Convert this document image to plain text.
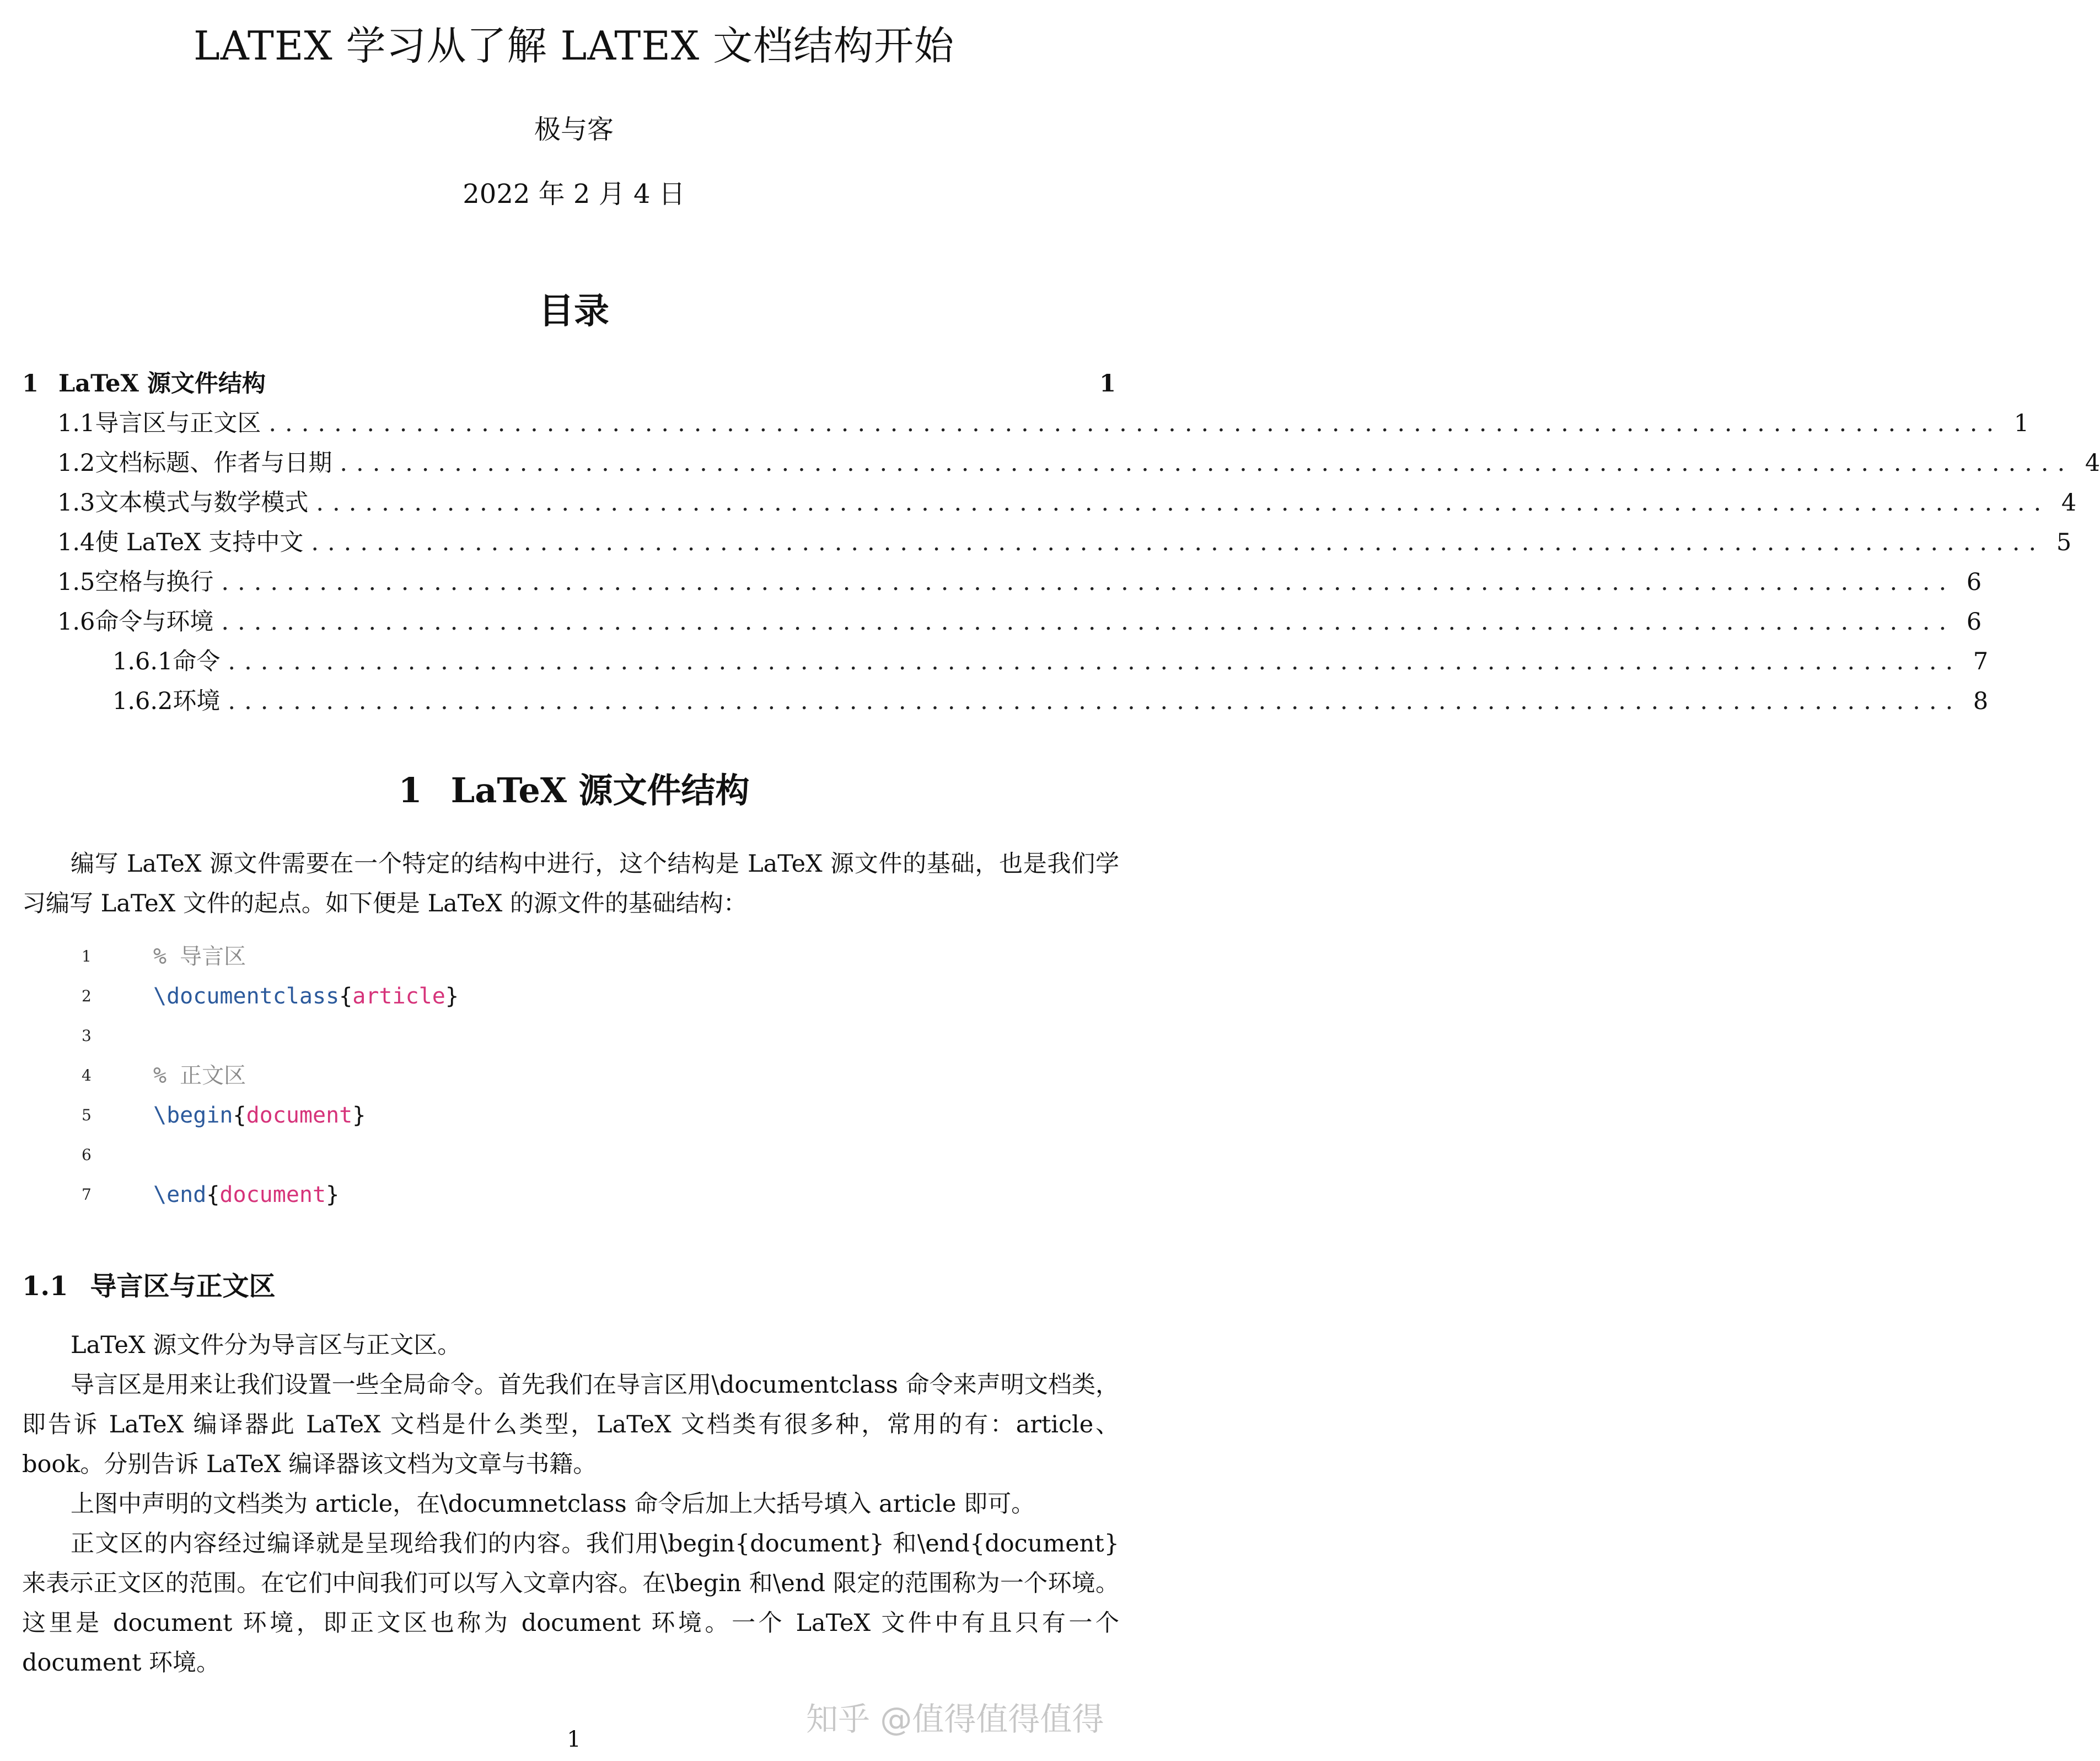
LATEX 学习从了解 LATEX 文档结构开始
极与客
2022 年 2 月 4 日
目录
1 LaTeX 源文件结构	1
1.1 导言区与正文区 .......................................................................................................... 1
1.2 文档标题、作者与日期 .......................................................................................................... 4
1.3 文本模式与数学模式 .......................................................................................................... 4
1.4 使 LaTeX 支持中文 .......................................................................................................... 5
1.5 空格与换行 .......................................................................................................... 6
1.6 命令与环境 .......................................................................................................... 6
1.6.1 命令 .......................................................................................................... 7
1.6.2 环境 .......................................................................................................... 8
1 LaTeX 源文件结构

编写 LaTeX 源文件需要在一个特定的结构中进行，这个结构是 LaTeX 源文件的基础，也是我们学习编写 LaTeX 文件的起点。如下便是 LaTeX 的源文件的基础结构：

1	% 导言区
2	\documentclass{article}
3
4	% 正文区
5	\begin{document}
6
7	\end{document}
1.1 导言区与正文区

LaTeX 源文件分为导言区与正文区。

导言区是用来让我们设置一些全局命令。首先我们在导言区用\documentclass 命令来声明文档类，即告诉 LaTeX 编译器此 LaTeX 文档是什么类型，LaTeX 文档类有很多种，常用的有：article、book。分别告诉 LaTeX 编译器该文档为文章与书籍。

上图中声明的文档类为 article，在\documnetclass 命令后加上大括号填入 article 即可。

正文区的内容经过编译就是呈现给我们的内容。我们用\begin{document} 和\end{document} 来表示正文区的范围。在它们中间我们可以写入文章内容。在\begin 和\end 限定的范围称为一个环境。这里是 document 环境，即正文区也称为 document 环境。一个 LaTeX 文件中有且只有一个 document 环境。

知乎 @值得值得值得
1
